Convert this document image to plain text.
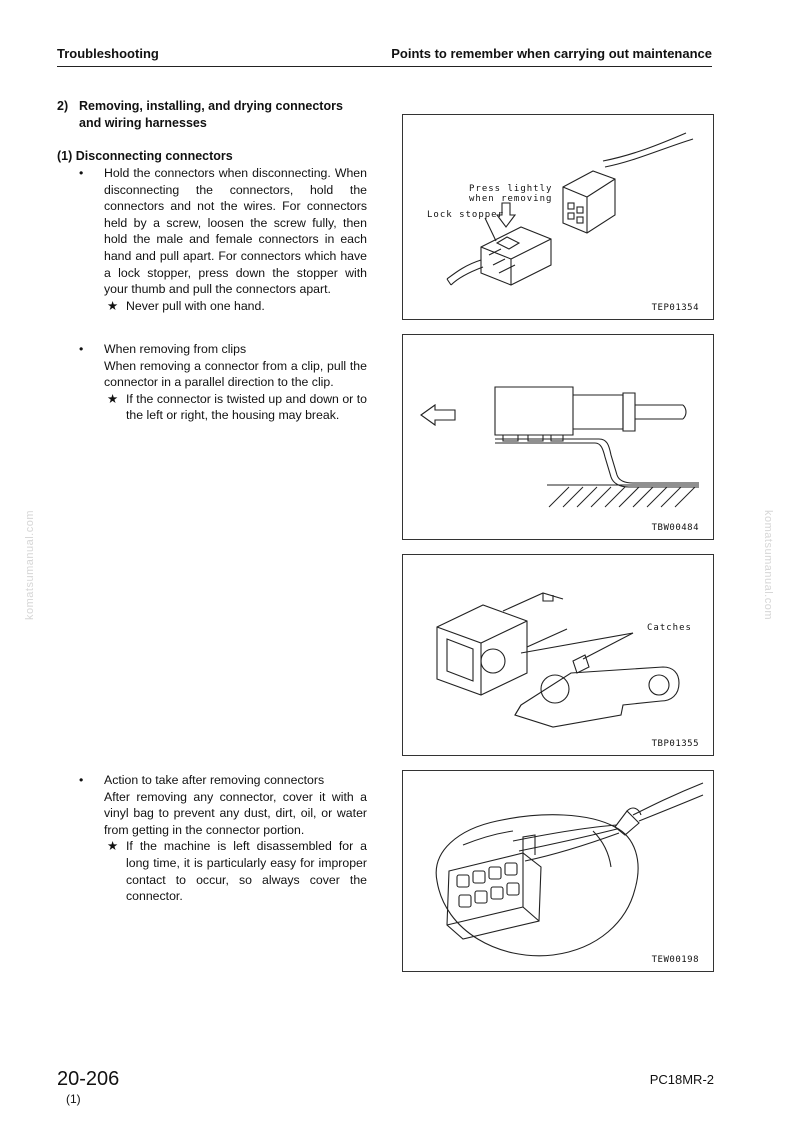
Troubleshooting	Points to remember when carrying out maintenance
2) Removing, installing, and drying connectors and wiring harnesses
(1) Disconnecting connectors
• Hold the connectors when disconnecting. When disconnecting the connectors, hold the connectors and not the wires. For connectors held by a screw, loosen the screw fully, then hold the male and female connectors in each hand and pull apart. For connectors which have a lock stopper, press down the stopper with your thumb and pull the connectors apart.
★ Never pull with one hand.
• When removing from clips
When removing a connector from a clip, pull the connector in a parallel direction to the clip.
★ If the connector is twisted up and down or to the left or right, the housing may break.
• Action to take after removing connectors
After removing any connector, cover it with a vinyl bag to prevent any dust, dirt, oil, or water from getting in the connector portion.
★ If the machine is left disassembled for a long time, it is particularly easy for improper contact to occur, so always cover the connector.
Press lightly
when removing
Lock stopper
TEP01354
TBW00484
Catches
TBP01355
TEW00198
komatsumanual.com	komatsumanual.com
20-206
(1)
PC18MR-2
